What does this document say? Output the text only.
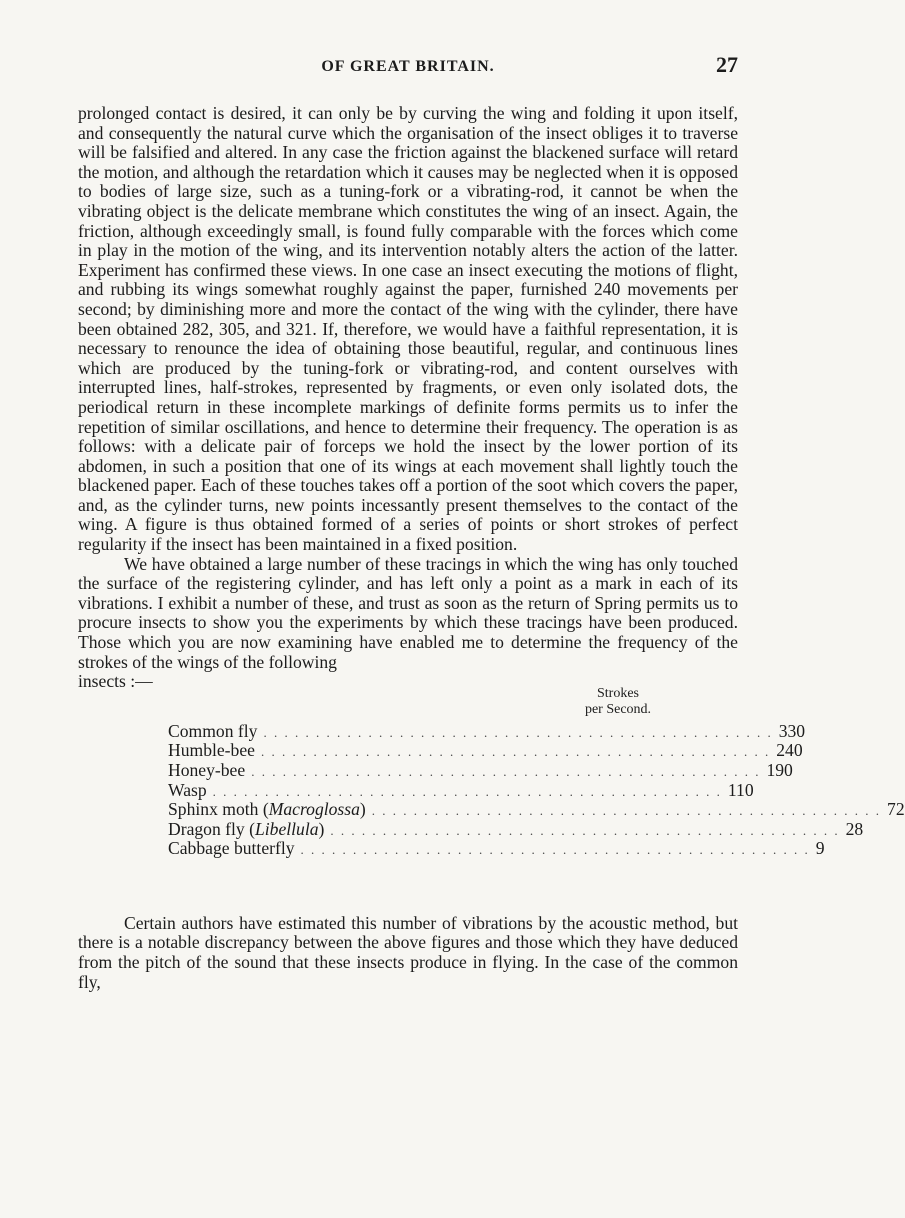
OF GREAT BRITAIN.	27

prolonged contact is desired, it can only be by curving the wing and folding it upon itself, and consequently the natural curve which the organisation of the insect obliges it to traverse will be falsified and altered. In any case the friction against the blackened surface will retard the motion, and although the retardation which it causes may be neglected when it is opposed to bodies of large size, such as a tuning-fork or a vibrating-rod, it cannot be when the vibrating object is the delicate membrane which constitutes the wing of an insect. Again, the friction, although exceedingly small, is found fully comparable with the forces which come in play in the motion of the wing, and its intervention notably alters the action of the latter. Experiment has confirmed these views. In one case an insect executing the motions of flight, and rubbing its wings somewhat roughly against the paper, furnished 240 movements per second; by diminishing more and more the contact of the wing with the cylinder, there have been obtained 282, 305, and 321. If, therefore, we would have a faithful representation, it is necessary to renounce the idea of obtaining those beautiful, regular, and continuous lines which are produced by the tuning-fork or vibrating-rod, and content ourselves with interrupted lines, half-strokes, represented by fragments, or even only isolated dots, the periodical return in these incomplete markings of definite forms permits us to infer the repetition of similar oscillations, and hence to determine their frequency. The operation is as follows: with a delicate pair of forceps we hold the insect by the lower portion of its abdomen, in such a position that one of its wings at each movement shall lightly touch the blackened paper. Each of these touches takes off a portion of the soot which covers the paper, and, as the cylinder turns, new points incessantly present themselves to the contact of the wing. A figure is thus obtained formed of a series of points or short strokes of perfect regularity if the insect has been maintained in a fixed position.

We have obtained a large number of these tracings in which the wing has only touched the surface of the registering cylinder, and has left only a point as a mark in each of its vibrations. I exhibit a number of these, and trust as soon as the return of Spring permits us to procure insects to show you the experiments by which these tracings have been produced. Those which you are now examining have enabled me to determine the frequency of the strokes of the wings of the following

insects :—

Strokes
per Second.
Common fly . . . . . . . . . . . . . . . . . . . . . . . . . . . . . . . . . . . . . . . . . . . . . . . . . 330
Humble-bee . . . . . . . . . . . . . . . . . . . . . . . . . . . . . . . . . . . . . . . . . . . . . . . . . 240
Honey-bee . . . . . . . . . . . . . . . . . . . . . . . . . . . . . . . . . . . . . . . . . . . . . . . . . 190
Wasp . . . . . . . . . . . . . . . . . . . . . . . . . . . . . . . . . . . . . . . . . . . . . . . . . 110
Sphinx moth (Macroglossa) . . . . . . . . . . . . . . . . . . . . . . . . . . . . . . . . . . . . . . . . . . . . . . . . . 72
Dragon fly (Libellula) . . . . . . . . . . . . . . . . . . . . . . . . . . . . . . . . . . . . . . . . . . . . . . . . . 28
Cabbage butterfly . . . . . . . . . . . . . . . . . . . . . . . . . . . . . . . . . . . . . . . . . . . . . . . . . 9

Certain authors have estimated this number of vibrations by the acoustic method, but there is a notable discrepancy between the above figures and those which they have deduced from the pitch of the sound that these insects produce in flying. In the case of the common fly,
